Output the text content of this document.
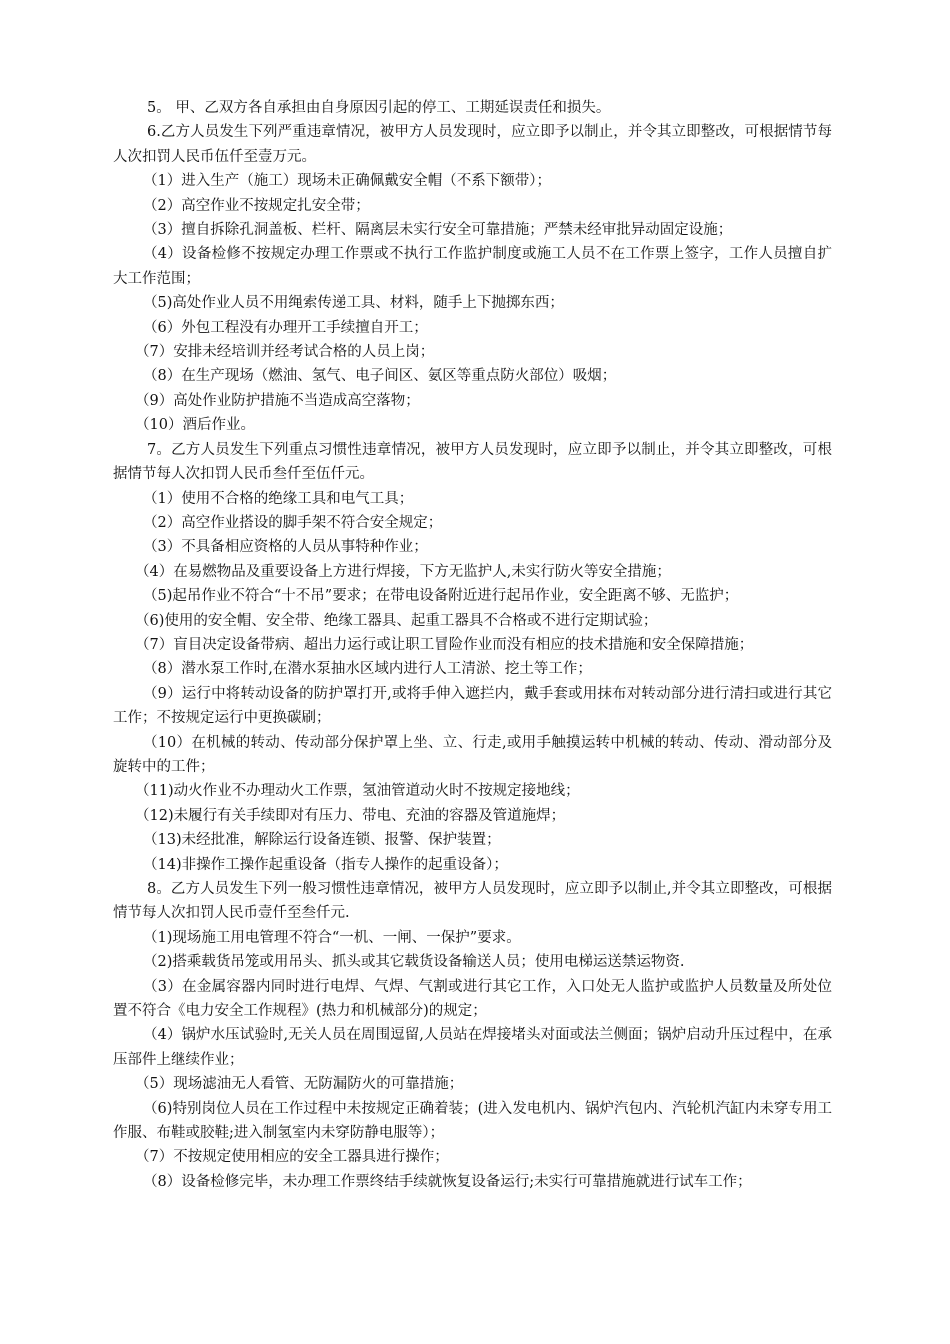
5。 甲、乙双方各自承担由自身原因引起的停工、工期延误责任和损失。

6.乙方人员发生下列严重违章情况，被甲方人员发现时，应立即予以制止，并令其立即整改，可根据情节每人次扣罚人民币伍仟至壹万元。

（1）进入生产（施工）现场未正确佩戴安全帽（不系下额带）；

（2）高空作业不按规定扎安全带；

（3）擅自拆除孔洞盖板、栏杆、隔离层未实行安全可靠措施；严禁未经审批异动固定设施；

（4）设备检修不按规定办理工作票或不执行工作监护制度或施工人员不在工作票上签字，工作人员擅自扩大工作范围；

（5)高处作业人员不用绳索传递工具、材料，随手上下抛掷东西；

（6）外包工程没有办理开工手续擅自开工；

（7）安排未经培训并经考试合格的人员上岗；

（8）在生产现场（燃油、氢气、电子间区、氨区等重点防火部位）吸烟；

（9）高处作业防护措施不当造成高空落物；

（10）酒后作业。

7。乙方人员发生下列重点习惯性违章情况，被甲方人员发现时，应立即予以制止，并令其立即整改，可根据情节每人次扣罚人民币叁仟至伍仟元。

（1）使用不合格的绝缘工具和电气工具；

（2）高空作业搭设的脚手架不符合安全规定；

（3）不具备相应资格的人员从事特种作业；

（4）在易燃物品及重要设备上方进行焊接，下方无监护人,未实行防火等安全措施；

（5)起吊作业不符合“十不吊”要求；在带电设备附近进行起吊作业，安全距离不够、无监护；

（6)使用的安全帽、安全带、绝缘工器具、起重工器具不合格或不进行定期试验；

（7）盲目决定设备带病、超出力运行或让职工冒险作业而没有相应的技术措施和安全保障措施；

（8）潜水泵工作时,在潜水泵抽水区域内进行人工清淤、挖土等工作；

（9）运行中将转动设备的防护罩打开,或将手伸入遮拦内，戴手套或用抹布对转动部分进行清扫或进行其它工作；不按规定运行中更换碳刷；

（10）在机械的转动、传动部分保护罩上坐、立、行走,或用手触摸运转中机械的转动、传动、滑动部分及旋转中的工件；

（11)动火作业不办理动火工作票，氢油管道动火时不按规定接地线；

（12)未履行有关手续即对有压力、带电、充油的容器及管道施焊；

（13)未经批准，解除运行设备连锁、报警、保护装置；

（14)非操作工操作起重设备（指专人操作的起重设备）；

8。乙方人员发生下列一般习惯性违章情况，被甲方人员发现时，应立即予以制止,并令其立即整改，可根据情节每人次扣罚人民币壹仟至叁仟元.

（1)现场施工用电管理不符合“一机、一闸、一保护”要求。

（2)搭乘载货吊笼或用吊头、抓头或其它载货设备输送人员；使用电梯运送禁运物资.

（3）在金属容器内同时进行电焊、气焊、气割或进行其它工作，入口处无人监护或监护人员数量及所处位置不符合《电力安全工作规程》(热力和机械部分)的规定；

（4）锅炉水压试验时,无关人员在周围逗留,人员站在焊接堵头对面或法兰侧面；锅炉启动升压过程中，在承压部件上继续作业；

（5）现场滤油无人看管、无防漏防火的可靠措施；

（6)特别岗位人员在工作过程中未按规定正确着装；(进入发电机内、锅炉汽包内、汽轮机汽缸内未穿专用工作服、布鞋或胶鞋;进入制氢室内未穿防静电服等）；

（7）不按规定使用相应的安全工器具进行操作；

（8）设备检修完毕，未办理工作票终结手续就恢复设备运行;未实行可靠措施就进行试车工作；
